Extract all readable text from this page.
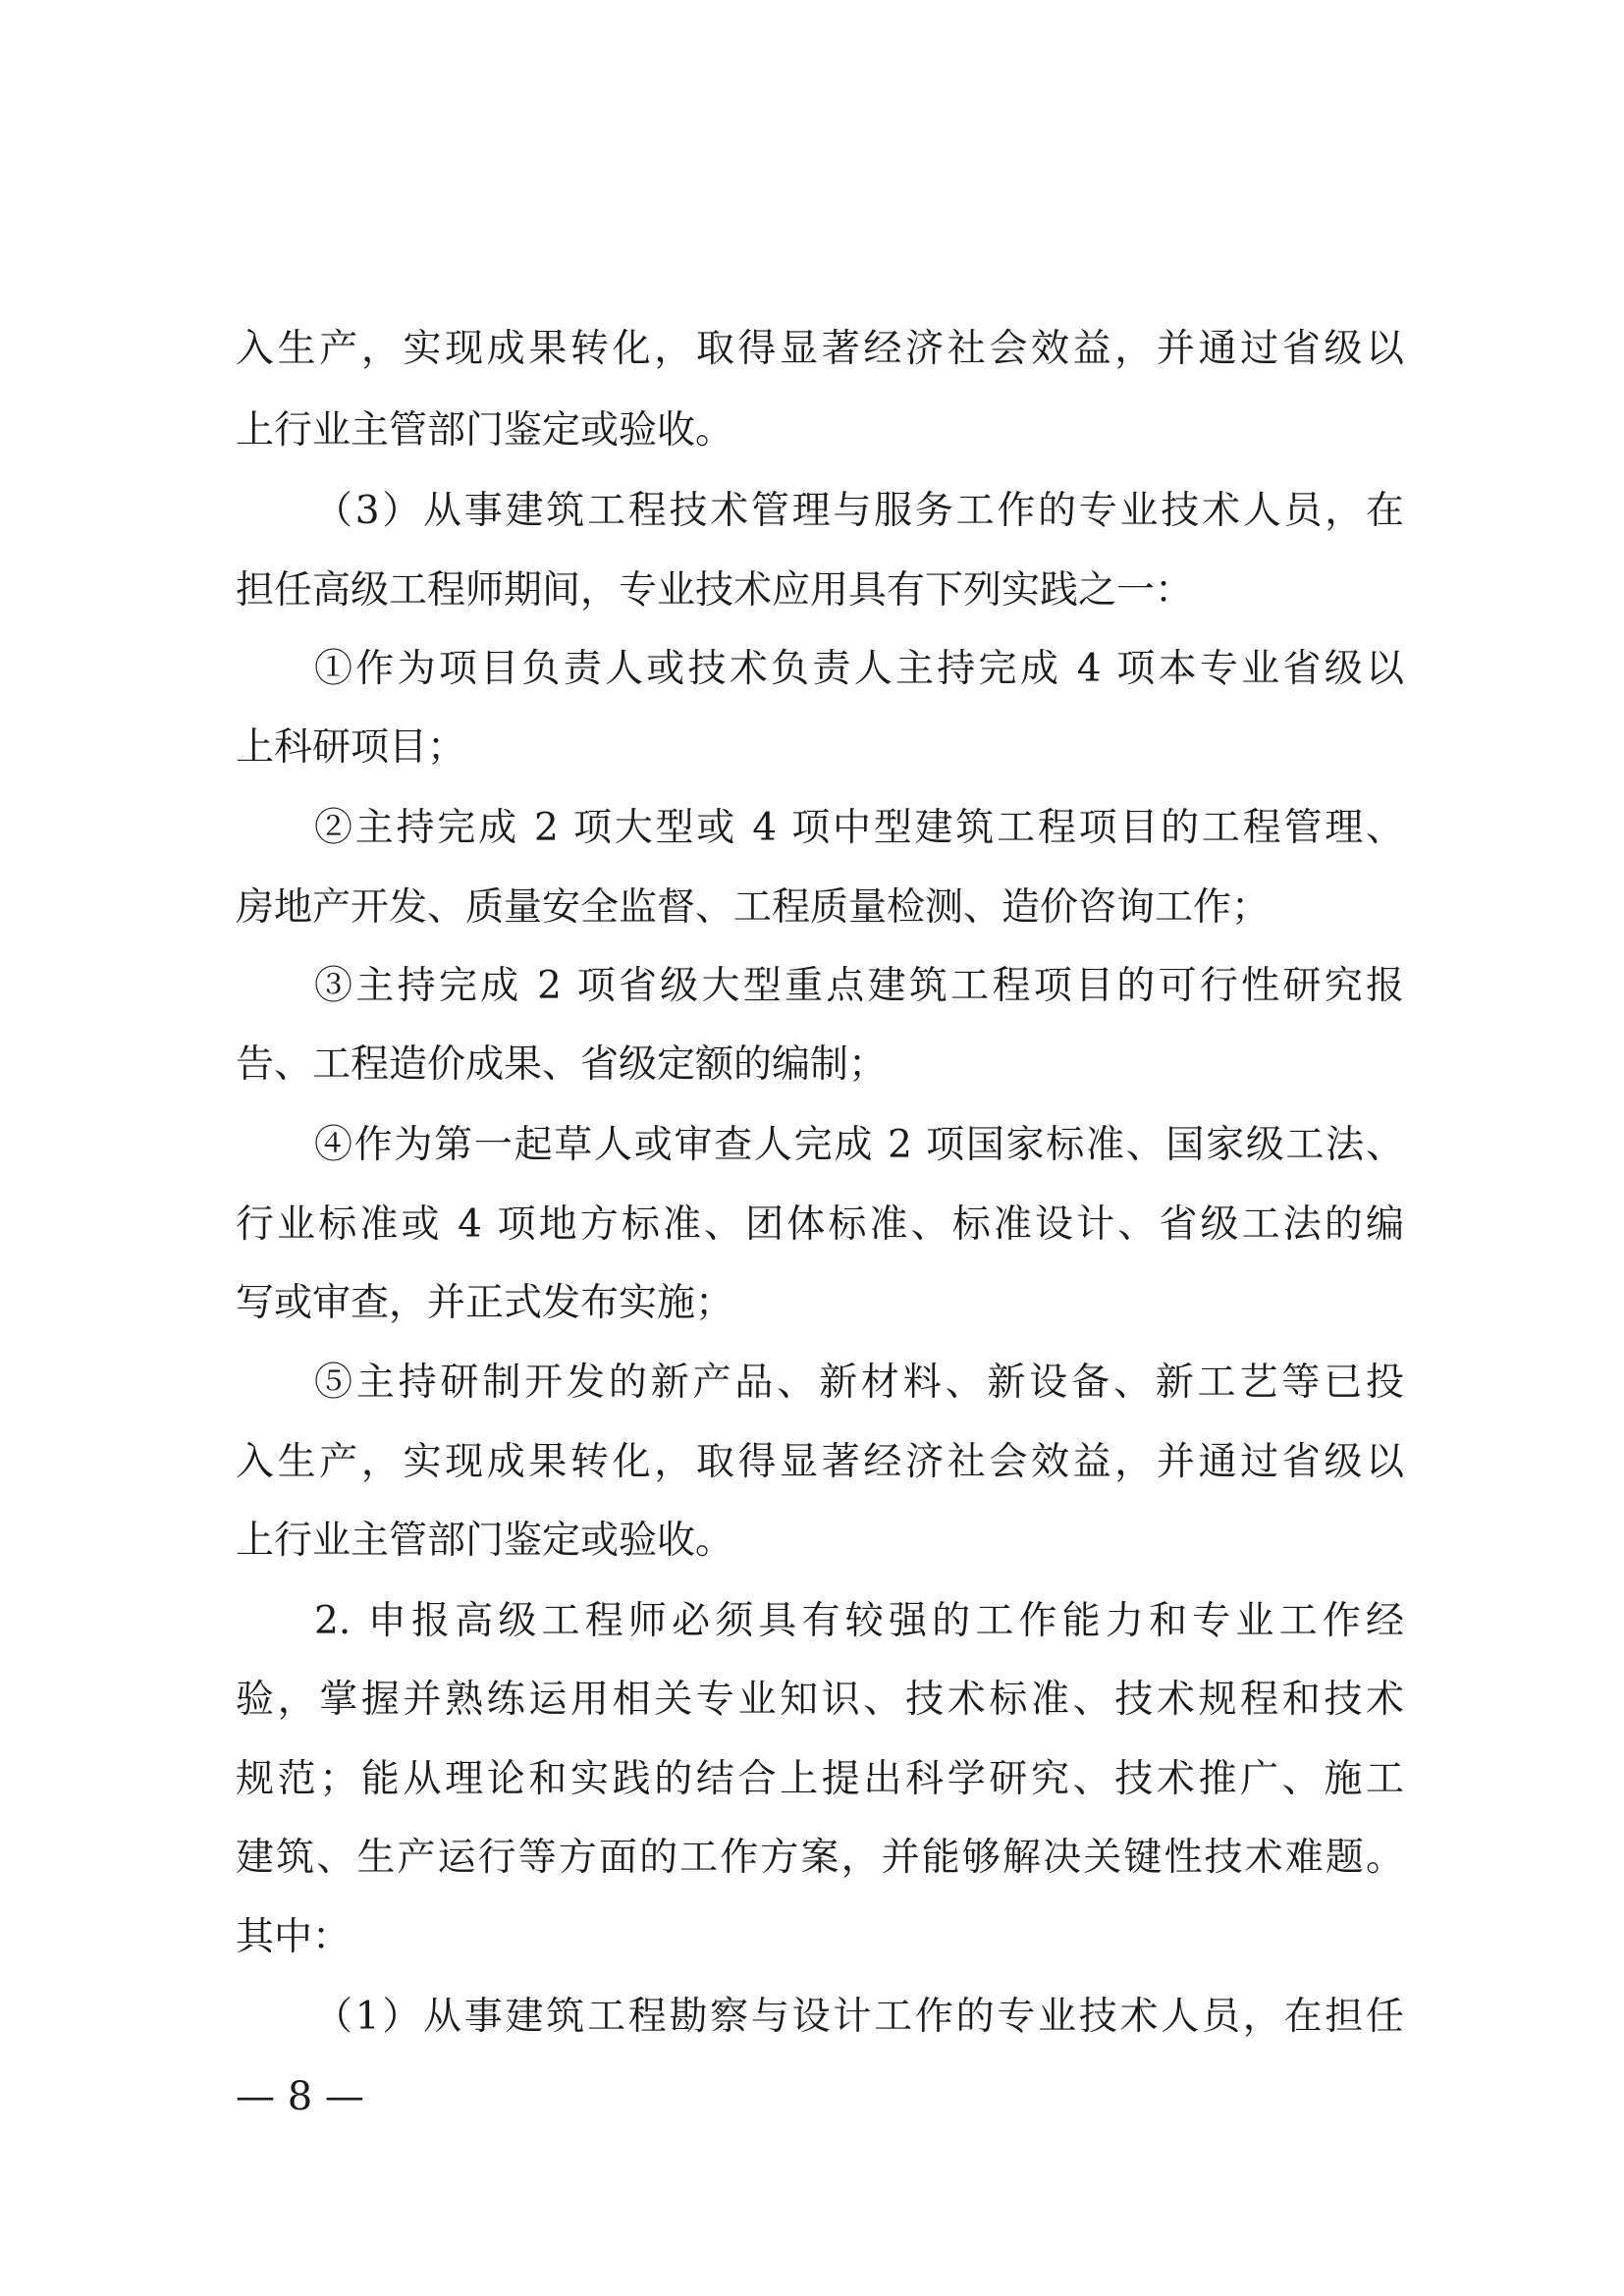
入生产，实现成果转化，取得显著经济社会效益，并通过省级以
上行业主管部门鉴定或验收。
（3）从事建筑工程技术管理与服务工作的专业技术人员，在
担任高级工程师期间，专业技术应用具有下列实践之一：
①作为项目负责人或技术负责人主持完成 4 项本专业省级以
上科研项目；
②主持完成 2 项大型或 4 项中型建筑工程项目的工程管理、
房地产开发、质量安全监督、工程质量检测、造价咨询工作；
③主持完成 2 项省级大型重点建筑工程项目的可行性研究报
告、工程造价成果、省级定额的编制；
④作为第一起草人或审查人完成 2 项国家标准、国家级工法、
行业标准或 4 项地方标准、团体标准、标准设计、省级工法的编
写或审查，并正式发布实施；
⑤主持研制开发的新产品、新材料、新设备、新工艺等已投
入生产，实现成果转化，取得显著经济社会效益，并通过省级以
上行业主管部门鉴定或验收。
2. 申报高级工程师必须具有较强的工作能力和专业工作经
验，掌握并熟练运用相关专业知识、技术标准、技术规程和技术
规范；能从理论和实践的结合上提出科学研究、技术推广、施工
建筑、生产运行等方面的工作方案，并能够解决关键性技术难题。
其中：
（1）从事建筑工程勘察与设计工作的专业技术人员，在担任
— 8 —
